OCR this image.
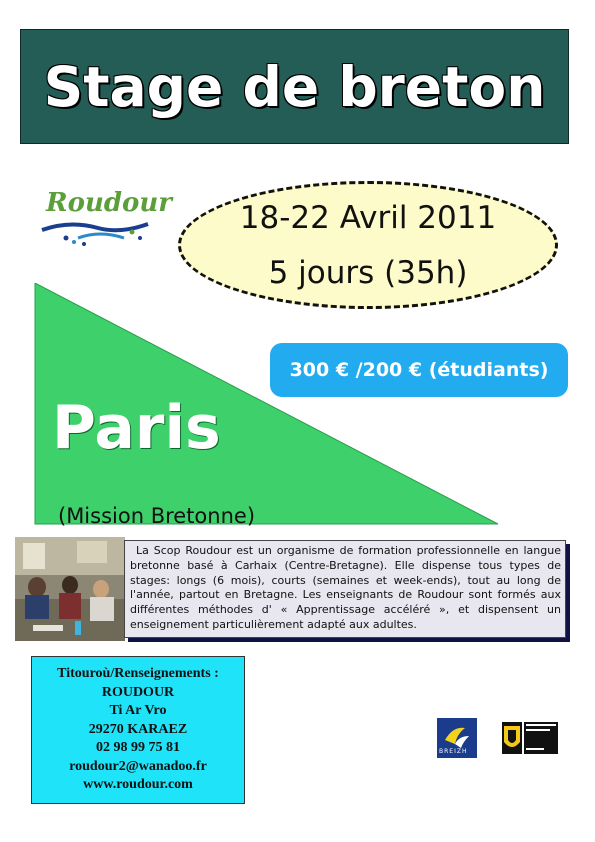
Stage de breton
Roudour	18-22 Avril 2011
5 jours (35h)
300 € /200 € (étudiants)
Paris
(Mission Bretonne)

La Scop Roudour est un organisme de formation professionnelle en langue bretonne basé à Carhaix (Centre-Bretagne). Elle dispense tous types de stages: longs (6 mois), courts (semaines et week-ends), tout au long de l'année, partout en Bretagne. Les enseignants de Roudour sont formés aux différentes méthodes d' « Apprentissage accéléré », et dispensent un enseignement particulièrement adapté aux adultes.

Titouroù/Renseignements :
ROUDOUR
Ti Ar Vro
29270 KARAEZ
02 98 99 75 81
roudour2@wanadoo.fr
www.roudour.com
BREIZH
